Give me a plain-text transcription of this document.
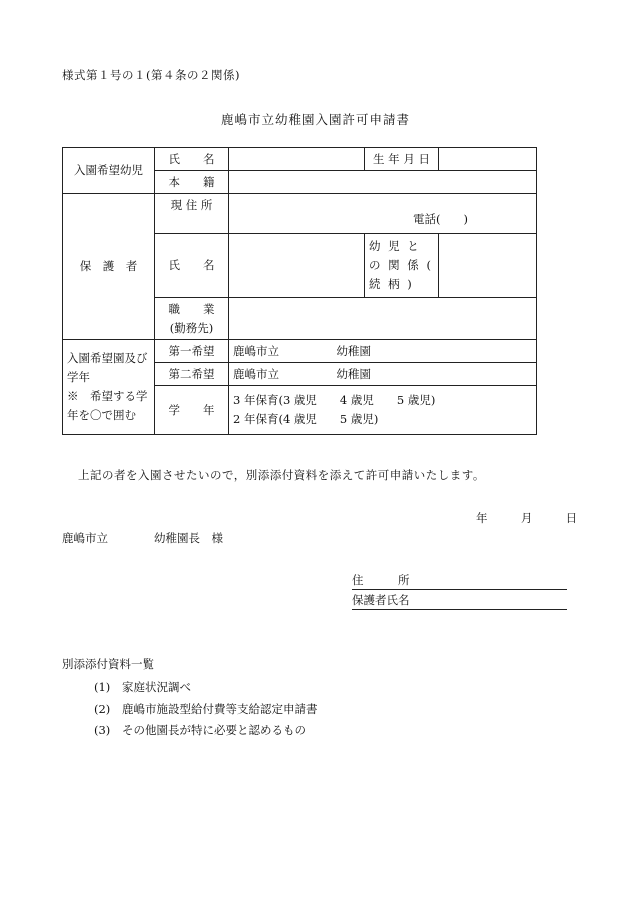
様式第１号の１(第４条の２関係)
鹿嶋市立幼稚園入園許可申請書
入園希望幼児	氏　　名		生 年 月 日	
	本　　籍			
保　護　者	現 住 所	電話(　　)		

	氏　　名		幼 児 と の 関 係 ( 続 柄 )	
	職　　業
(勤務先)			
入園希望園及び学年
※　希望する学年を〇で囲む	第一希望	鹿嶋市立　　　　　幼稚園		
	第二希望	鹿嶋市立　　　　　幼稚園		
	学　　年	3 年保育(3 歳児　　4 歳児　　5 歳児)
2 年保育(4 歳児　　5 歳児)		
上記の者を入園させたいので，別添添付資料を添えて許可申請いたします。
年	月	日
鹿嶋市立　　　　幼稚園長　様
住　　　所
保護者氏名
別添添付資料一覧
(1) 家庭状況調べ
(2) 鹿嶋市施設型給付費等支給認定申請書
(3) その他園長が特に必要と認めるもの
